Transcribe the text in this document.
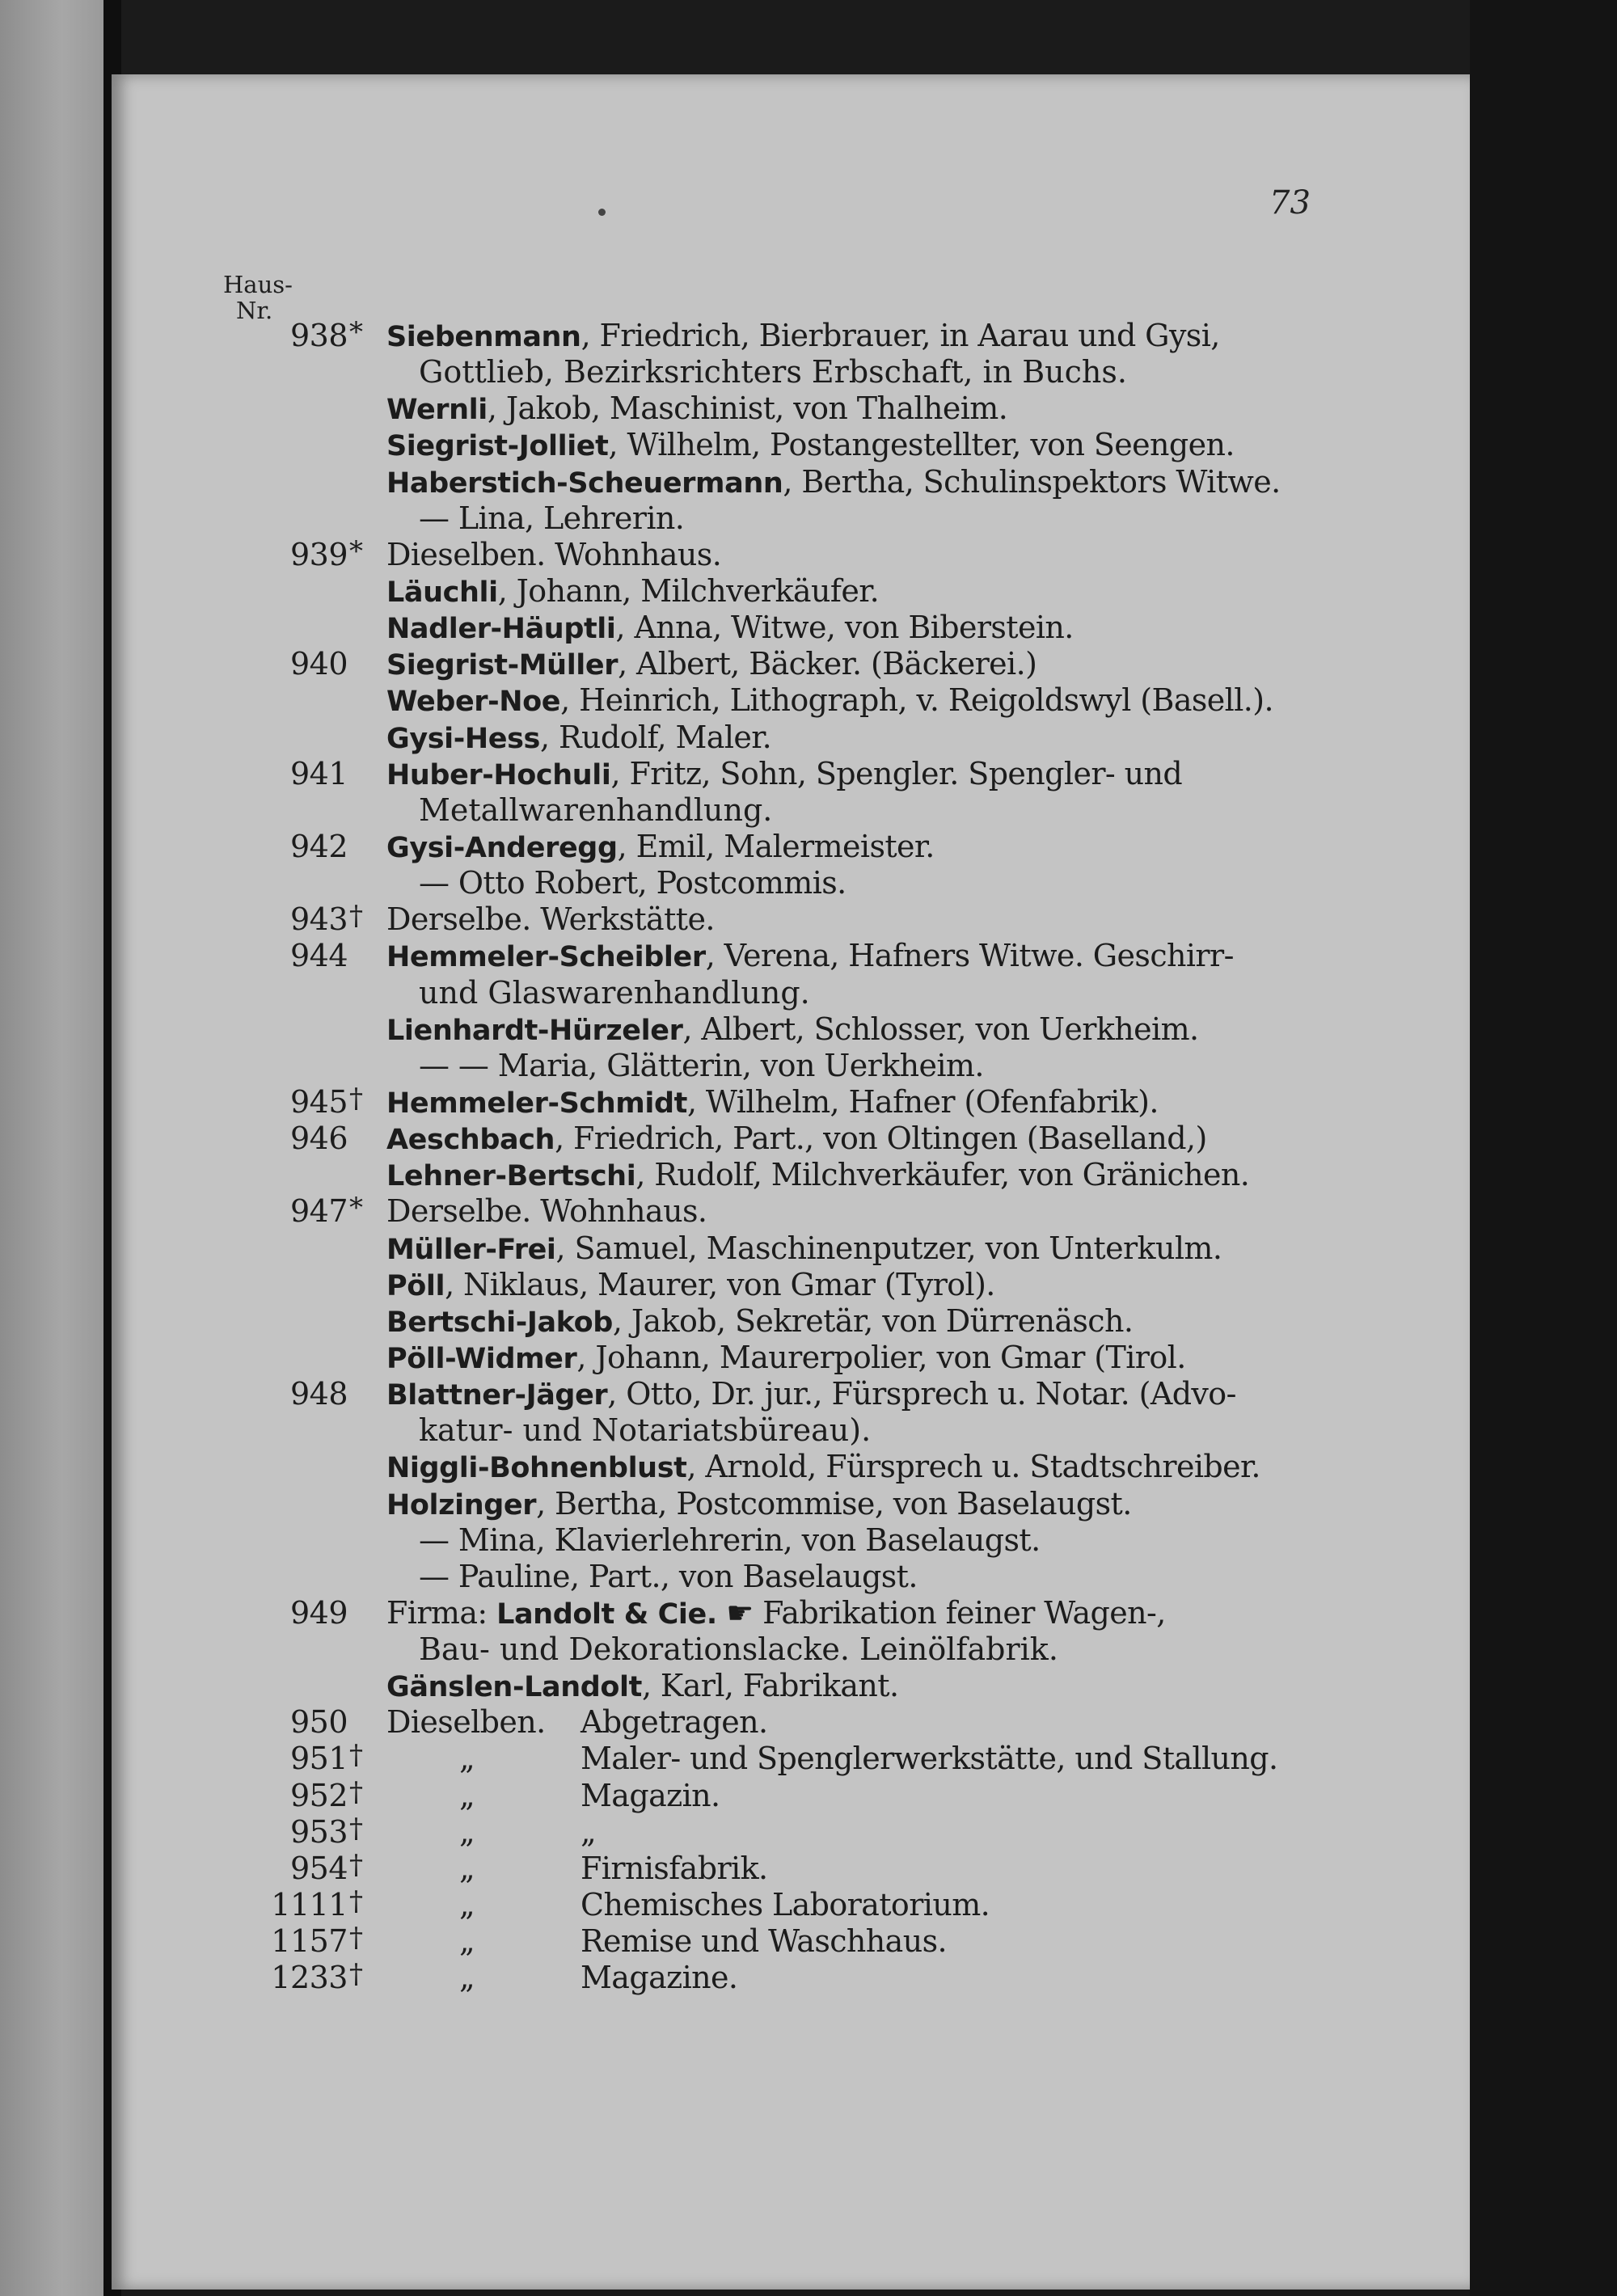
73
Haus-
Nr.
938 * Siebenmann, Friedrich, Bierbrauer, in Aarau und Gysi,
Gottlieb, Bezirksrichters Erbschaft, in Buchs.
Wernli, Jakob, Maschinist, von Thalheim.
Siegrist-Jolliet, Wilhelm, Postangestellter, von Seengen.
Haberstich-Scheuermann, Bertha, Schulinspektors Witwe.
— Lina, Lehrerin.
939 * Dieselben. Wohnhaus.
Läuchli, Johann, Milchverkäufer.
Nadler-Häuptli, Anna, Witwe, von Biberstein.
940 Siegrist-Müller, Albert, Bäcker. (Bäckerei.)
Weber-Noe, Heinrich, Lithograph, v. Reigoldswyl (Basell.).
Gysi-Hess, Rudolf, Maler.
941 Huber-Hochuli, Fritz, Sohn, Spengler. Spengler- und
Metallwarenhandlung.
942 Gysi-Anderegg, Emil, Malermeister.
— Otto Robert, Postcommis.
943 † Derselbe. Werkstätte.
944 Hemmeler-Scheibler, Verena, Hafners Witwe. Geschirr-
und Glaswarenhandlung.
Lienhardt-Hürzeler, Albert, Schlosser, von Uerkheim.
— — Maria, Glätterin, von Uerkheim.
945 † Hemmeler-Schmidt, Wilhelm, Hafner (Ofenfabrik).
946 Aeschbach, Friedrich, Part., von Oltingen (Baselland,)
Lehner-Bertschi, Rudolf, Milchverkäufer, von Gränichen.
947 * Derselbe. Wohnhaus.
Müller-Frei, Samuel, Maschinenputzer, von Unterkulm.
Pöll, Niklaus, Maurer, von Gmar (Tyrol).
Bertschi-Jakob, Jakob, Sekretär, von Dürrenäsch.
Pöll-Widmer, Johann, Maurerpolier, von Gmar (Tirol.
948 Blattner-Jäger, Otto, Dr. jur., Fürsprech u. Notar. (Advo-
katur- und Notariatsbüreau).
Niggli-Bohnenblust, Arnold, Fürsprech u. Stadtschreiber.
Holzinger, Bertha, Postcommise, von Baselaugst.
— Mina, Klavierlehrerin, von Baselaugst.
— Pauline, Part., von Baselaugst.
949 Firma: Landolt & Cie. ☛ Fabrikation feiner Wagen-,
Bau- und Dekorationslacke. Leinölfabrik.
Gänslen-Landolt, Karl, Fabrikant.
950 Dieselben. Abgetragen.
951 †	„	Maler- und Spenglerwerkstätte, und Stallung.
952 †	„	Magazin.
953 †	„	„
954 †	„	Firnisfabrik.
1111 †	„	Chemisches Laboratorium.
1157 †	„	Remise und Waschhaus.
1233 †	„	Magazine.
